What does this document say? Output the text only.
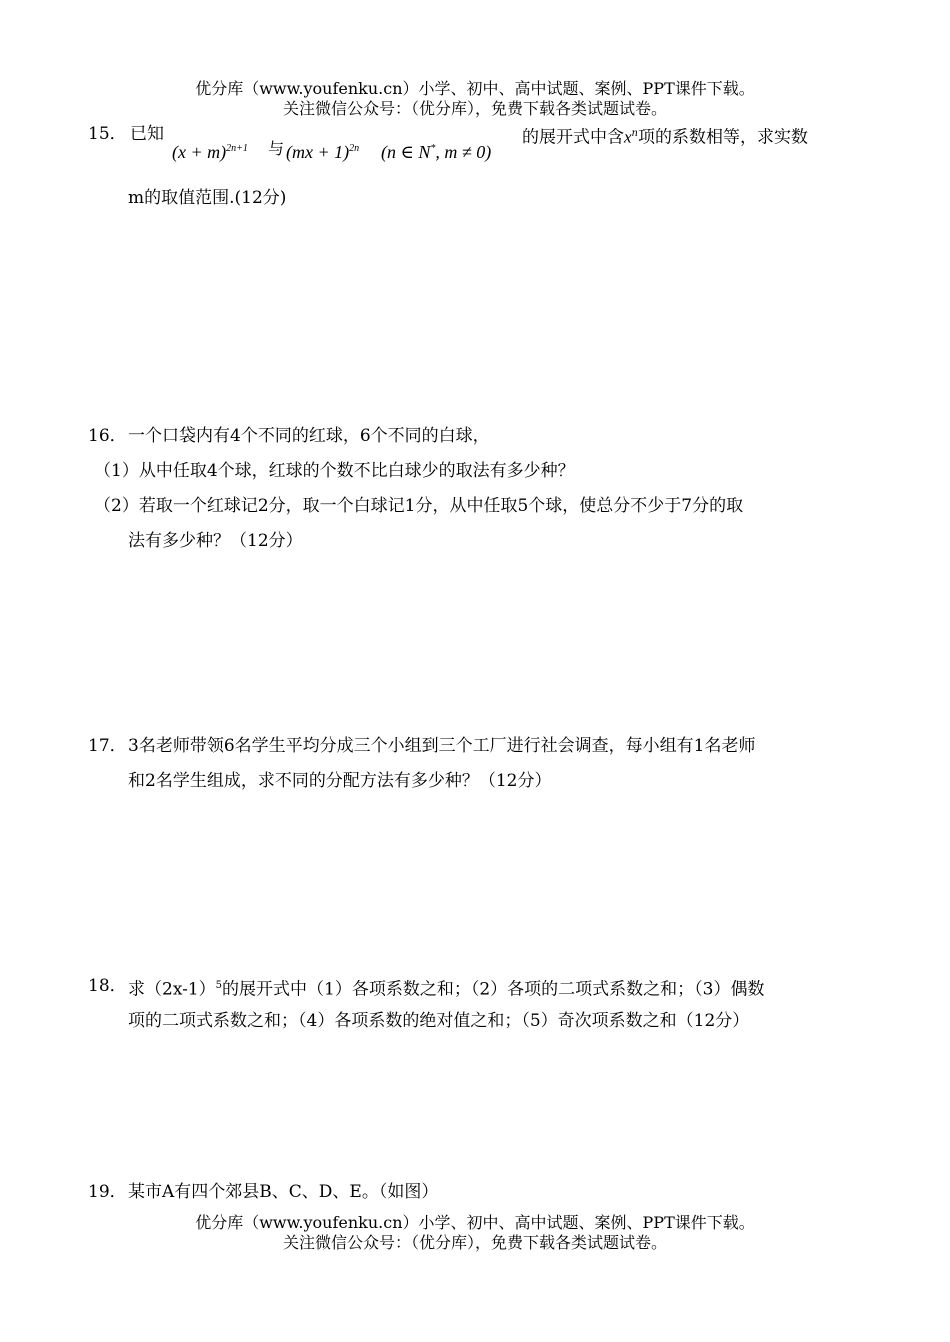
优分库（www.youfenku.cn）小学、初中、高中试题、案例、PPT课件下载。
关注微信公众号：（优分库），免费下载各类试题试卷。
15． 已知
$(x + m)^{2n+1}$ 与 (mx + 1)$^{2n}$ (n ∈ N*, m ≠ 0)
的展开式中含$x^n$项的系数相等，求实数
m的取值范围.(12分)
16． 一个口袋内有4个不同的红球，6个不同的白球，
（1）从中任取4个球，红球的个数不比白球少的取法有多少种？
（2）若取一个红球记2分，取一个白球记1分，从中任取5个球，使总分不少于7分的取
法有多少种？（12分）
17． 3名老师带领6名学生平均分成三个小组到三个工厂进行社会调查，每小组有1名老师
和2名学生组成，求不同的分配方法有多少种？（12分）
18． 求$(2x-1)^5$的展开式中（1）各项系数之和；（2）各项的二项式系数之和；（3）偶数
项的二项式系数之和；（4）各项系数的绝对值之和；（5）奇次项系数之和（12分）
19． 某市A有四个郊县B、C、D、E。（如图）
优分库（www.youfenku.cn）小学、初中、高中试题、案例、PPT课件下载。
关注微信公众号：（优分库），免费下载各类试题试卷。
